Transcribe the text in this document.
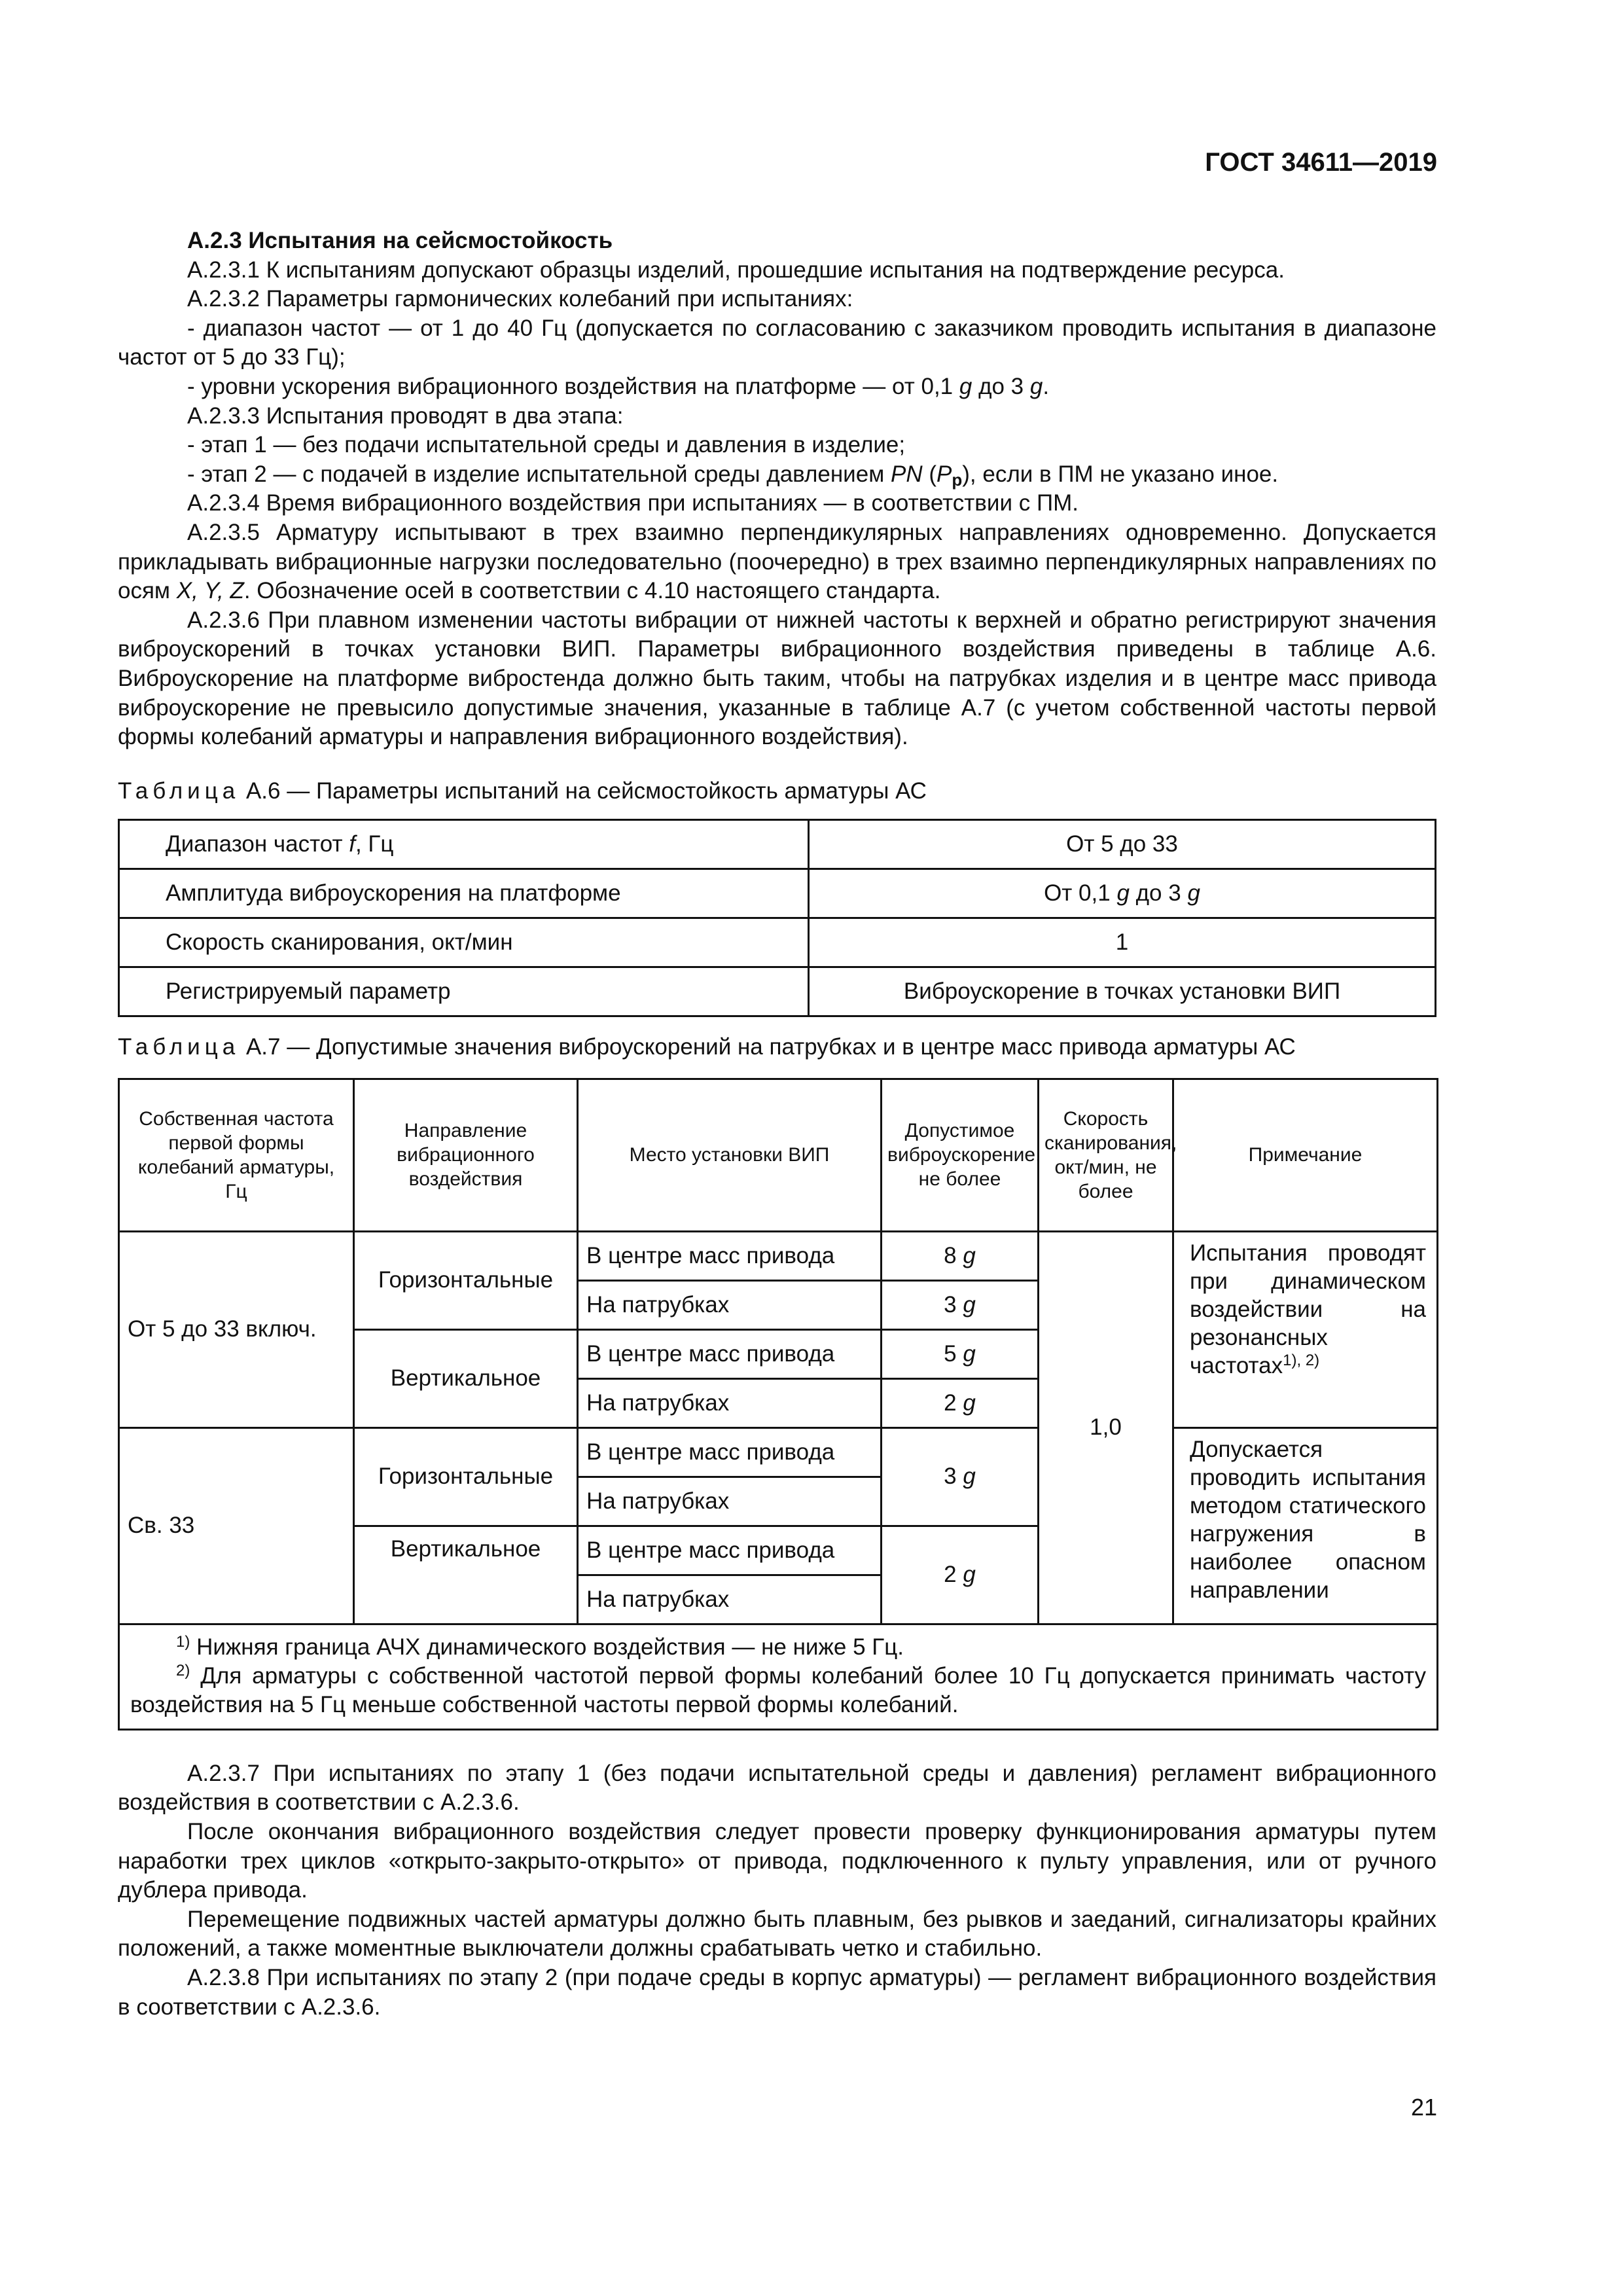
ГОСТ 34611—2019

А.2.3 Испытания на сейсмостойкость

А.2.3.1 К испытаниям допускают образцы изделий, прошедшие испытания на подтверждение ресурса.

А.2.3.2 Параметры гармонических колебаний при испытаниях:

- диапазон частот — от 1 до 40 Гц (допускается по согласованию с заказчиком проводить испытания в диапазоне частот от 5 до 33 Гц);

- уровни ускорения вибрационного воздействия на платформе — от 0,1 g до 3 g.

А.2.3.3 Испытания проводят в два этапа:

- этап 1 — без подачи испытательной среды и давления в изделие;

- этап 2 — с подачей в изделие испытательной среды давлением PN $(P_p)$, если в ПМ не указано иное.

А.2.3.4 Время вибрационного воздействия при испытаниях — в соответствии с ПМ.

А.2.3.5 Арматуру испытывают в трех взаимно перпендикулярных направлениях одновременно. Допускается прикладывать вибрационные нагрузки последовательно (поочередно) в трех взаимно перпендикулярных направлениях по осям X, Y, Z. Обозначение осей в соответствии с 4.10 настоящего стандарта.

А.2.3.6 При плавном изменении частоты вибрации от нижней частоты к верхней и обратно регистрируют значения виброускорений в точках установки ВИП. Параметры вибрационного воздействия приведены в таблице А.6. Виброускорение на платформе вибростенда должно быть таким, чтобы на патрубках изделия и в центре масс привода виброускорение не превысило допустимые значения, указанные в таблице А.7 (с учетом собственной частоты первой формы колебаний арматуры и направления вибрационного воздействия).

Таблица А.6 — Параметры испытаний на сейсмостойкость арматуры АС

Диапазон частот f, Гц	От 5 до 33
Амплитуда виброускорения на платформе	От 0,1 g до 3 g
Скорость сканирования, окт/мин	1
Регистрируемый параметр	Виброускорение в точках установки ВИП

Таблица А.7 — Допустимые значения виброускорений на патрубках и в центре масс привода арматуры АС

Собственная частота первой формы колебаний арматуры, Гц	Направление вибрационного воздействия	Место установки ВИП	Допустимое виброускорение, не более	Скорость сканирования, окт/мин, не более	Примечание
От 5 до 33 включ.	Горизонтальные	В центре масс привода	8 g	1,0	Испытания проводят при динамическом воздействии на резонансных частотах$^{1), 2)}$
		На патрубках	3 g		
	Вертикальное	В центре масс привода	5 g		
		На патрубках	2 g		
Св. 33	Горизонтальные	В центре масс привода	3 g		Допускается проводить испытания методом статического нагружения в наиболее опасном направлении
		На патрубках			
	Вертикальное	В центре масс привода	2 g		
		На патрубках			

$^{1)}$ Нижняя граница АЧХ динамического воздействия — не ниже 5 Гц.

$^{2)}$ Для арматуры с собственной частотой первой формы колебаний более 10 Гц допускается принимать частоту воздействия на 5 Гц меньше собственной частоты первой формы колебаний.					

А.2.3.7 При испытаниях по этапу 1 (без подачи испытательной среды и давления) регламент вибрационного воздействия в соответствии с А.2.3.6.

После окончания вибрационного воздействия следует провести проверку функционирования арматуры путем наработки трех циклов «открыто-закрыто-открыто» от привода, подключенного к пульту управления, или от ручного дублера привода.

Перемещение подвижных частей арматуры должно быть плавным, без рывков и заеданий, сигнализаторы крайних положений, а также моментные выключатели должны срабатывать четко и стабильно.

А.2.3.8 При испытаниях по этапу 2 (при подаче среды в корпус арматуры) — регламент вибрационного воздействия в соответствии с А.2.3.6.

21
